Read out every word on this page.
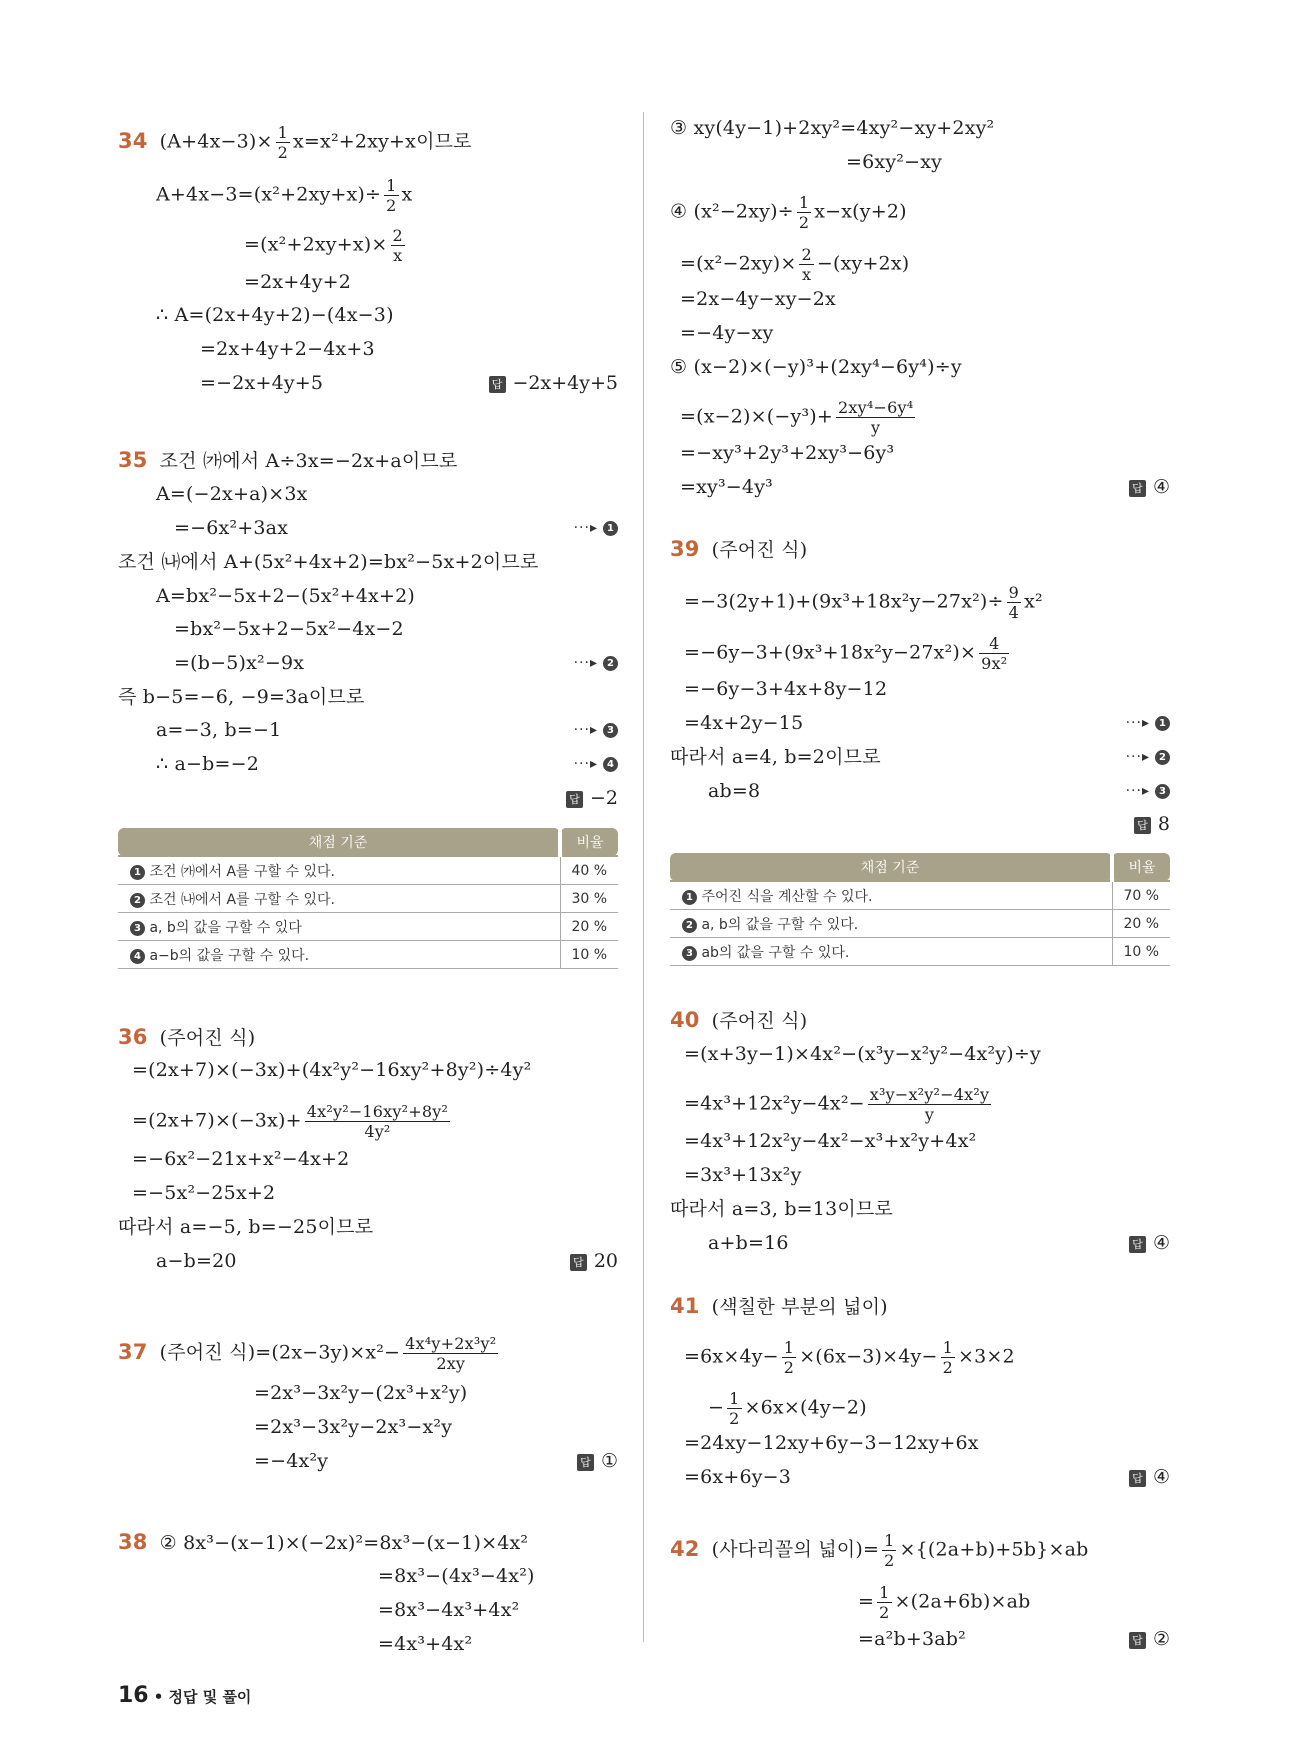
34 $(A+4x-3)\times \frac{1}{2} x=x^2+2xy+x$이므로
$A+4x-3=(x^2+2xy+x)\div \frac{1}{2}$ x
$=(x^2+2xy+x)\times \frac{2}{x}$
=2x+4y+2
∴ A=(2x+4y+2)−(4x−3)
=2x+4y+2−4x+3
=−2x+4y+5	답 −2x+4y+5
35 조건 ㈎에서 A÷3x=−2x+a이므로
A=(−2x+a)×3x
=−6x²+3ax	···▸ 1
조건 ㈏에서 A+(5x²+4x+2)=bx²−5x+2이므로
A=bx²−5x+2−(5x²+4x+2)
=bx²−5x+2−5x²−4x−2
=(b−5)x²−9x	···▸ 2
즉 b−5=−6, −9=3a이므로
a=−3, b=−1	···▸ 3
∴ a−b=−2	···▸ 4
답 −2
채점 기준	비율
1 조건 ㈎에서 A를 구할 수 있다.	40 %
2 조건 ㈏에서 A를 구할 수 있다.	30 %
3 a, b의 값을 구할 수 있다	20 %
4 a−b의 값을 구할 수 있다.	10 %
36 (주어진 식)
=(2x+7)×(−3x)+(4x²y²−16xy²+8y²)÷4y²
$=(2x+7)\times(-3x)+ \frac{\text{4x²y²−16xy²+8y²}}{\text{4y²}}$
=−6x²−21x+x²−4x+2
=−5x²−25x+2
따라서 a=−5, b=−25이므로
a−b=20	답 20
37 (주어진 식)$=(2x-3y)\times x^2- \frac{\text{4x⁴y+2x³y²}}{2xy}$
=2x³−3x²y−(2x³+x²y)
=2x³−3x²y−2x³−x²y
=−4x²y	답 ①
38 ② 8x³−(x−1)×(−2x)²=8x³−(x−1)×4x²
=8x³−(4x³−4x²)
=8x³−4x³+4x²
=4x³+4x²
③ xy(4y−1)+2xy²=4xy²−xy+2xy²
=6xy²−xy
④ $(x^2-2xy)\div \frac{1}{2} x-x(y+2)$
$=(x^2-2xy)\times \frac{2}{x} -(xy+2x)$
=2x−4y−xy−2x
=−4y−xy
⑤ (x−2)×(−y)³+(2xy⁴−6y⁴)÷y
$=(x-2)\times(-y^3)+ \frac{\text{2xy⁴−6y⁴}}{y}$
=−xy³+2y³+2xy³−6y³
=xy³−4y³	답 ④
39 (주어진 식)
$=-3(2y+1)+(9x^3+18x^2y-27x^2)\div \frac{9}{4} x^2$
$=-6y-3+(9x^3+18x^2y-27x^2)\times \frac{4}{\text{9x²}}$
=−6y−3+4x+8y−12
=4x+2y−15	···▸ 1
따라서 a=4, b=2이므로	···▸ 2
ab=8	···▸ 3
답 8
채점 기준	비율
1 주어진 식을 계산할 수 있다.	70 %
2 a, b의 값을 구할 수 있다.	20 %
3 ab의 값을 구할 수 있다.	10 %
40 (주어진 식)
=(x+3y−1)×4x²−(x³y−x²y²−4x²y)÷y
$=4x^3+12x^2y-4x^2- \frac{\text{x³y−x²y²−4x²y}}{y}$
=4x³+12x²y−4x²−x³+x²y+4x²
=3x³+13x²y
따라서 a=3, b=13이므로
a+b=16	답 ④
41 (색칠한 부분의 넓이)
$=6x\times 4y- \frac{1}{2} \times(6x-3)\times 4y- \frac{1}{2} \times 3\times 2$
− $\frac{1}{2} \times 6x\times(4y-2)$
=24xy−12xy+6y−3−12xy+6x
=6x+6y−3	답 ④
42 (사다리꼴의 넓이)= $\frac{1}{2} \times\{(2a+b)+5b\}\times ab$
= $\frac{1}{2} \times(2a+6b)\times ab$
=a²b+3ab²	답 ②
16 • 정답 및 풀이
